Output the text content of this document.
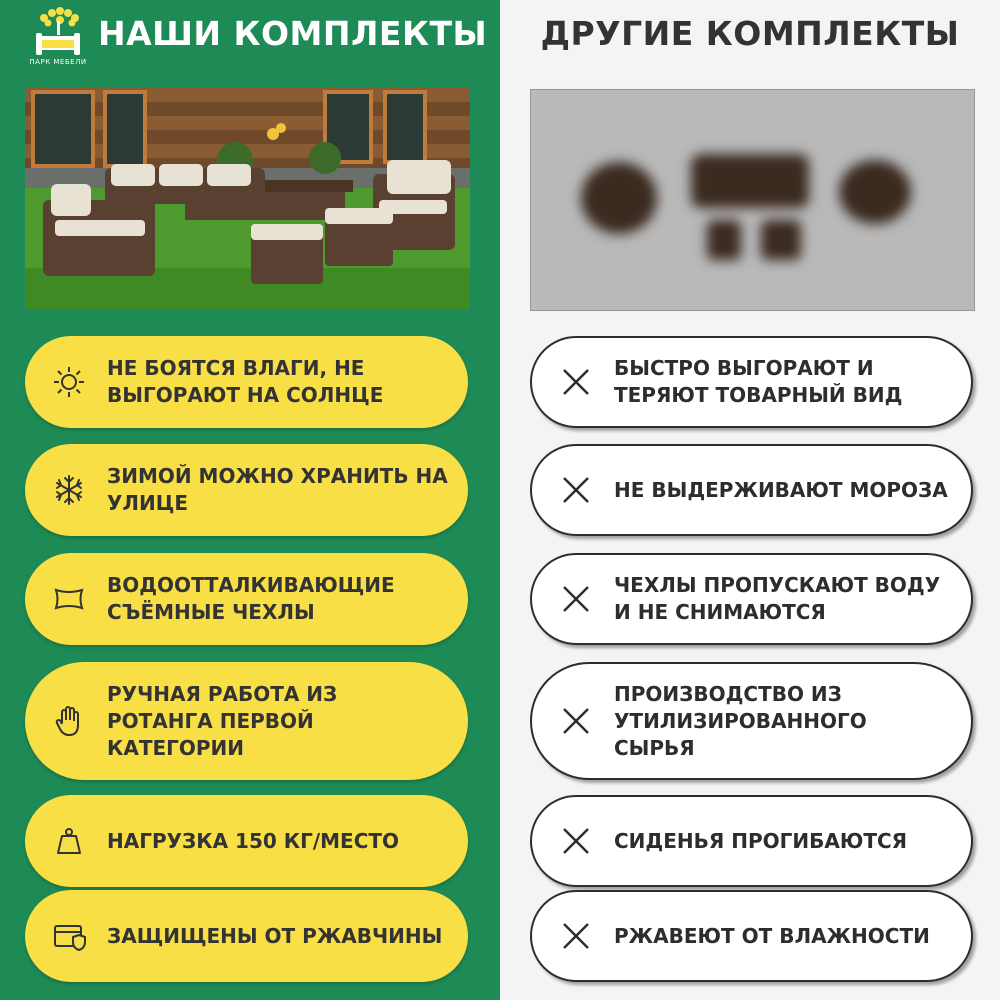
ПАРК МЕБЕЛИ
НАШИ КОМПЛЕКТЫ	ДРУГИЕ КОМПЛЕКТЫ
НЕ БОЯТСЯ ВЛАГИ, НЕ ВЫГОРАЮТ НА СОЛНЦЕ
ЗИМОЙ МОЖНО ХРАНИТЬ НА УЛИЦЕ
ВОДООТТАЛКИВАЮЩИЕ СЪЁМНЫЕ ЧЕХЛЫ
РУЧНАЯ РАБОТА ИЗ РОТАНГА ПЕРВОЙ КАТЕГОРИИ
НАГРУЗКА 150 КГ/МЕСТО
ЗАЩИЩЕНЫ ОТ РЖАВЧИНЫ
БЫСТРО ВЫГОРАЮТ И ТЕРЯЮТ ТОВАРНЫЙ ВИД
НЕ ВЫДЕРЖИВАЮТ МОРОЗА
ЧЕХЛЫ ПРОПУСКАЮТ ВОДУ И НЕ СНИМАЮТСЯ
ПРОИЗВОДСТВО ИЗ УТИЛИЗИРОВАННОГО СЫРЬЯ
СИДЕНЬЯ ПРОГИБАЮТСЯ
РЖАВЕЮТ ОТ ВЛАЖНОСТИ
